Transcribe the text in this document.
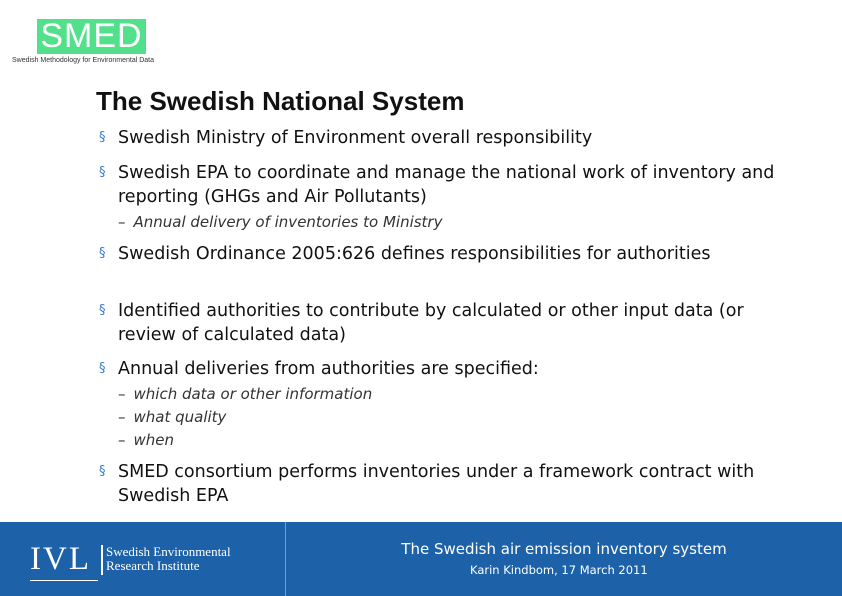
SMED
Swedish Methodology for Environmental Data
The Swedish National System
§ Swedish Ministry of Environment overall responsibility
§ Swedish EPA to coordinate and manage the national work of inventory and reporting (GHGs and Air Pollutants)
– Annual delivery of inventories to Ministry
§ Swedish Ordinance 2005:626 defines responsibilities for authorities
§ Identified authorities to contribute by calculated or other input data (or review of calculated data)
§ Annual deliveries from authorities are specified:
– which data or other information
– what quality
– when
§ SMED consortium performs inventories under a framework contract with Swedish EPA
IVL Swedish Environmental
Research Institute
The Swedish air emission inventory system
Karin Kindbom, 17 March 2011
